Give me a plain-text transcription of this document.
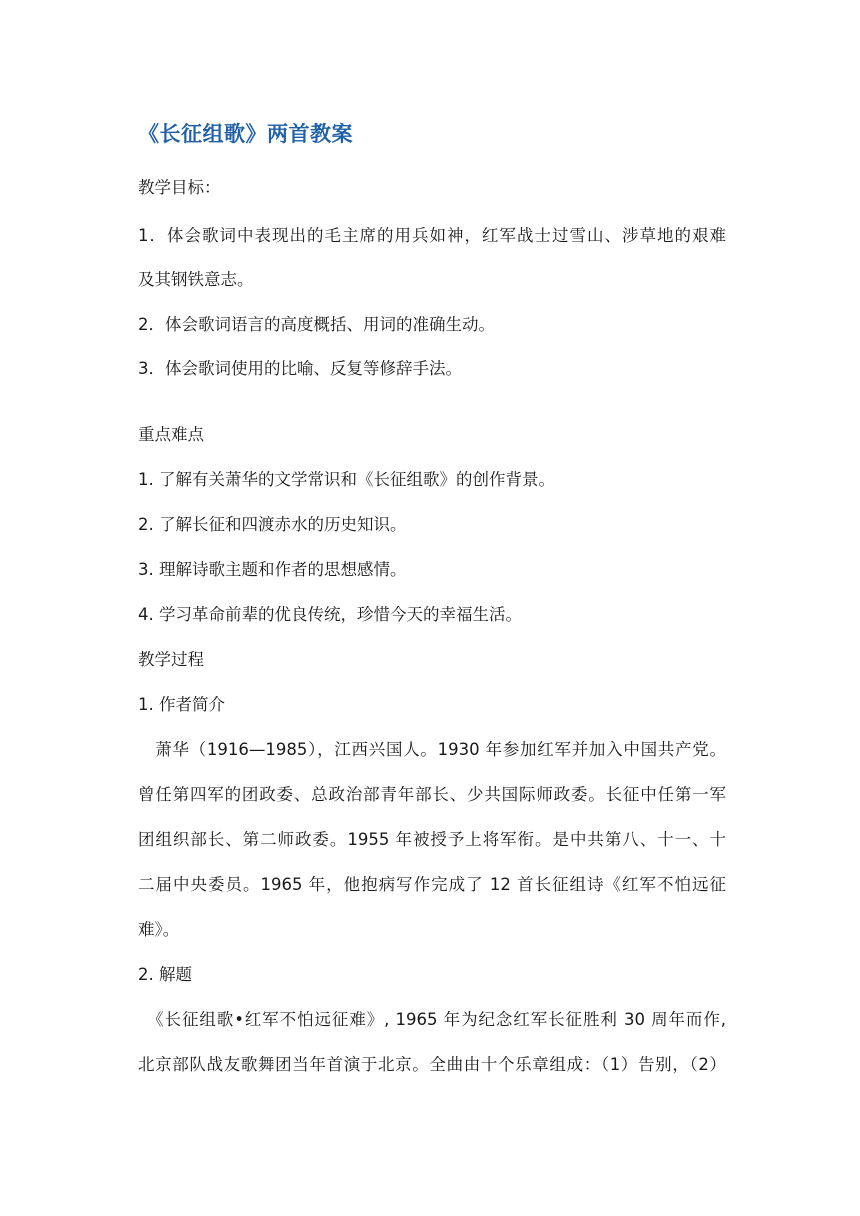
《长征组歌》两首教案
教学目标：
1．体会歌词中表现出的毛主席的用兵如神，红军战士过雪山、涉草地的艰难
及其钢铁意志。
2．体会歌词语言的高度概括、用词的准确生动。
3．体会歌词使用的比喻、反复等修辞手法。
重点难点
1. 了解有关萧华的文学常识和《长征组歌》的创作背景。
2. 了解长征和四渡赤水的历史知识。
3. 理解诗歌主题和作者的思想感情。
4. 学习革命前辈的优良传统，珍惜今天的幸福生活。
教学过程
1. 作者简介
　萧华（1916—1985），江西兴国人。1930 年参加红军并加入中国共产党。
曾任第四军的团政委、总政治部青年部长、少共国际师政委。长征中任第一军
团组织部长、第二师政委。1955 年被授予上将军衔。是中共第八、十一、十
二届中央委员。1965 年，他抱病写作完成了 12 首长征组诗《红军不怕远征
难》。
2. 解题
　《长征组歌•红军不怕远征难》, 1965 年为纪念红军长征胜利 30 周年而作,
北京部队战友歌舞团当年首演于北京。全曲由十个乐章组成：（1）告别，（2）
